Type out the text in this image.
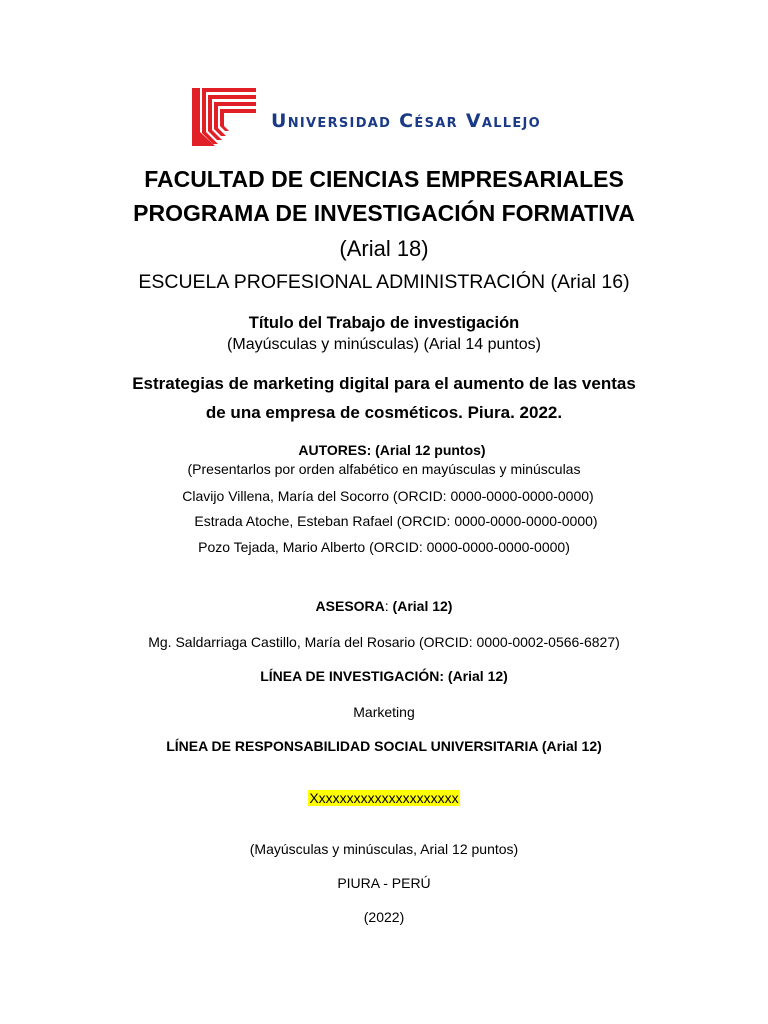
Universidad César Vallejo
FACULTAD DE CIENCIAS EMPRESARIALES
PROGRAMA DE INVESTIGACIÓN FORMATIVA
(Arial 18)
ESCUELA PROFESIONAL ADMINISTRACIÓN (Arial 16)
Título del Trabajo de investigación
(Mayúsculas y minúsculas) (Arial 14 puntos)
Estrategias de marketing digital para el aumento de las ventas
de una empresa de cosméticos. Piura. 2022.
AUTORES: (Arial 12 puntos)
(Presentarlos por orden alfabético en mayúsculas y minúsculas
Clavijo Villena, María del Socorro (ORCID: 0000-0000-0000-0000)
Estrada Atoche, Esteban Rafael (ORCID: 0000-0000-0000-0000)
Pozo Tejada, Mario Alberto (ORCID: 0000-0000-0000-0000)
ASESORA: (Arial 12)
Mg. Saldarriaga Castillo, María del Rosario (ORCID: 0000-0002-0566-6827)
LÍNEA DE INVESTIGACIÓN: (Arial 12)
Marketing
LÍNEA DE RESPONSABILIDAD SOCIAL UNIVERSITARIA (Arial 12)
Xxxxxxxxxxxxxxxxxxxxx
(Mayúsculas y minúsculas, Arial 12 puntos)
PIURA - PERÚ
(2022)
